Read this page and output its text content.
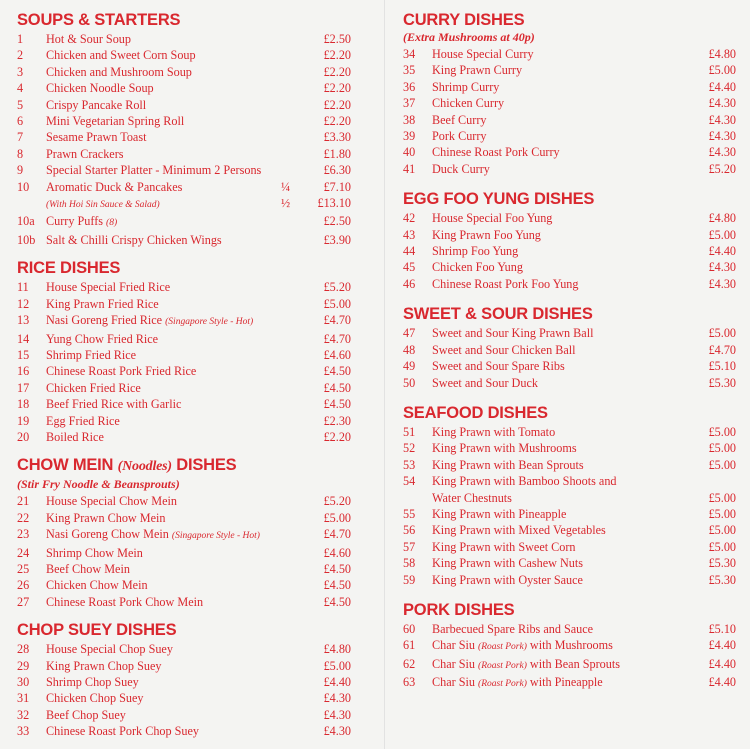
SOUPS & STARTERS
1	Hot & Sour Soup	£2.50
2	Chicken and Sweet Corn Soup	£2.20
3	Chicken and Mushroom Soup	£2.20
4	Chicken Noodle Soup	£2.20
5	Crispy Pancake Roll	£2.20
6	Mini Vegetarian Spring Roll	£2.20
7	Sesame Prawn Toast	£3.30
8	Prawn Crackers	£1.80
9	Special Starter Platter - Minimum 2 Persons	£6.30
10	Aromatic Duck & Pancakes	¼	£7.10
(With Hoi Sin Sauce & Salad)	½	£13.10
10a Curry Puffs (8)	£2.50
10b Salt & Chilli Crispy Chicken Wings	£3.90
RICE DISHES
11	House Special Fried Rice	£5.20
12	King Prawn Fried Rice	£5.00
13	Nasi Goreng Fried Rice (Singapore Style - Hot)	£4.70
14	Yung Chow Fried Rice	£4.70
15	Shrimp Fried Rice	£4.60
16	Chinese Roast Pork Fried Rice	£4.50
17	Chicken Fried Rice	£4.50
18	Beef Fried Rice with Garlic	£4.50
19	Egg Fried Rice	£2.30
20	Boiled Rice	£2.20
CHOW MEIN (Noodles) DISHES
(Stir Fry Noodle & Beansprouts)
21	House Special Chow Mein	£5.20
22	King Prawn Chow Mein	£5.00
23	Nasi Goreng Chow Mein (Singapore Style - Hot)	£4.70
24	Shrimp Chow Mein	£4.60
25	Beef Chow Mein	£4.50
26	Chicken Chow Mein	£4.50
27	Chinese Roast Pork Chow Mein	£4.50
CHOP SUEY DISHES
28	House Special Chop Suey	£4.80
29	King Prawn Chop Suey	£5.00
30	Shrimp Chop Suey	£4.40
31	Chicken Chop Suey	£4.30
32	Beef Chop Suey	£4.30
33	Chinese Roast Pork Chop Suey	£4.30
CURRY DISHES
(Extra Mushrooms at 40p)
34	House Special Curry	£4.80
35	King Prawn Curry	£5.00
36	Shrimp Curry	£4.40
37	Chicken Curry	£4.30
38	Beef Curry	£4.30
39	Pork Curry	£4.30
40	Chinese Roast Pork Curry	£4.30
41	Duck Curry	£5.20
EGG FOO YUNG DISHES
42	House Special Foo Yung	£4.80
43	King Prawn Foo Yung	£5.00
44	Shrimp Foo Yung	£4.40
45	Chicken Foo Yung	£4.30
46	Chinese Roast Pork Foo Yung	£4.30
SWEET & SOUR DISHES
47	Sweet and Sour King Prawn Ball	£5.00
48	Sweet and Sour Chicken Ball	£4.70
49	Sweet and Sour Spare Ribs	£5.10
50	Sweet and Sour Duck	£5.30
SEAFOOD DISHES
51	King Prawn with Tomato	£5.00
52	King Prawn with Mushrooms	£5.00
53	King Prawn with Bean Sprouts	£5.00
54	King Prawn with Bamboo Shoots and
Water Chestnuts	£5.00
55	King Prawn with Pineapple	£5.00
56	King Prawn with Mixed Vegetables	£5.00
57	King Prawn with Sweet Corn	£5.00
58	King Prawn with Cashew Nuts	£5.30
59	King Prawn with Oyster Sauce	£5.30
PORK DISHES
60	Barbecued Spare Ribs and Sauce	£5.10
61	Char Siu (Roast Pork) with Mushrooms	£4.40
62	Char Siu (Roast Pork) with Bean Sprouts	£4.40
63	Char Siu (Roast Pork) with Pineapple	£4.40
